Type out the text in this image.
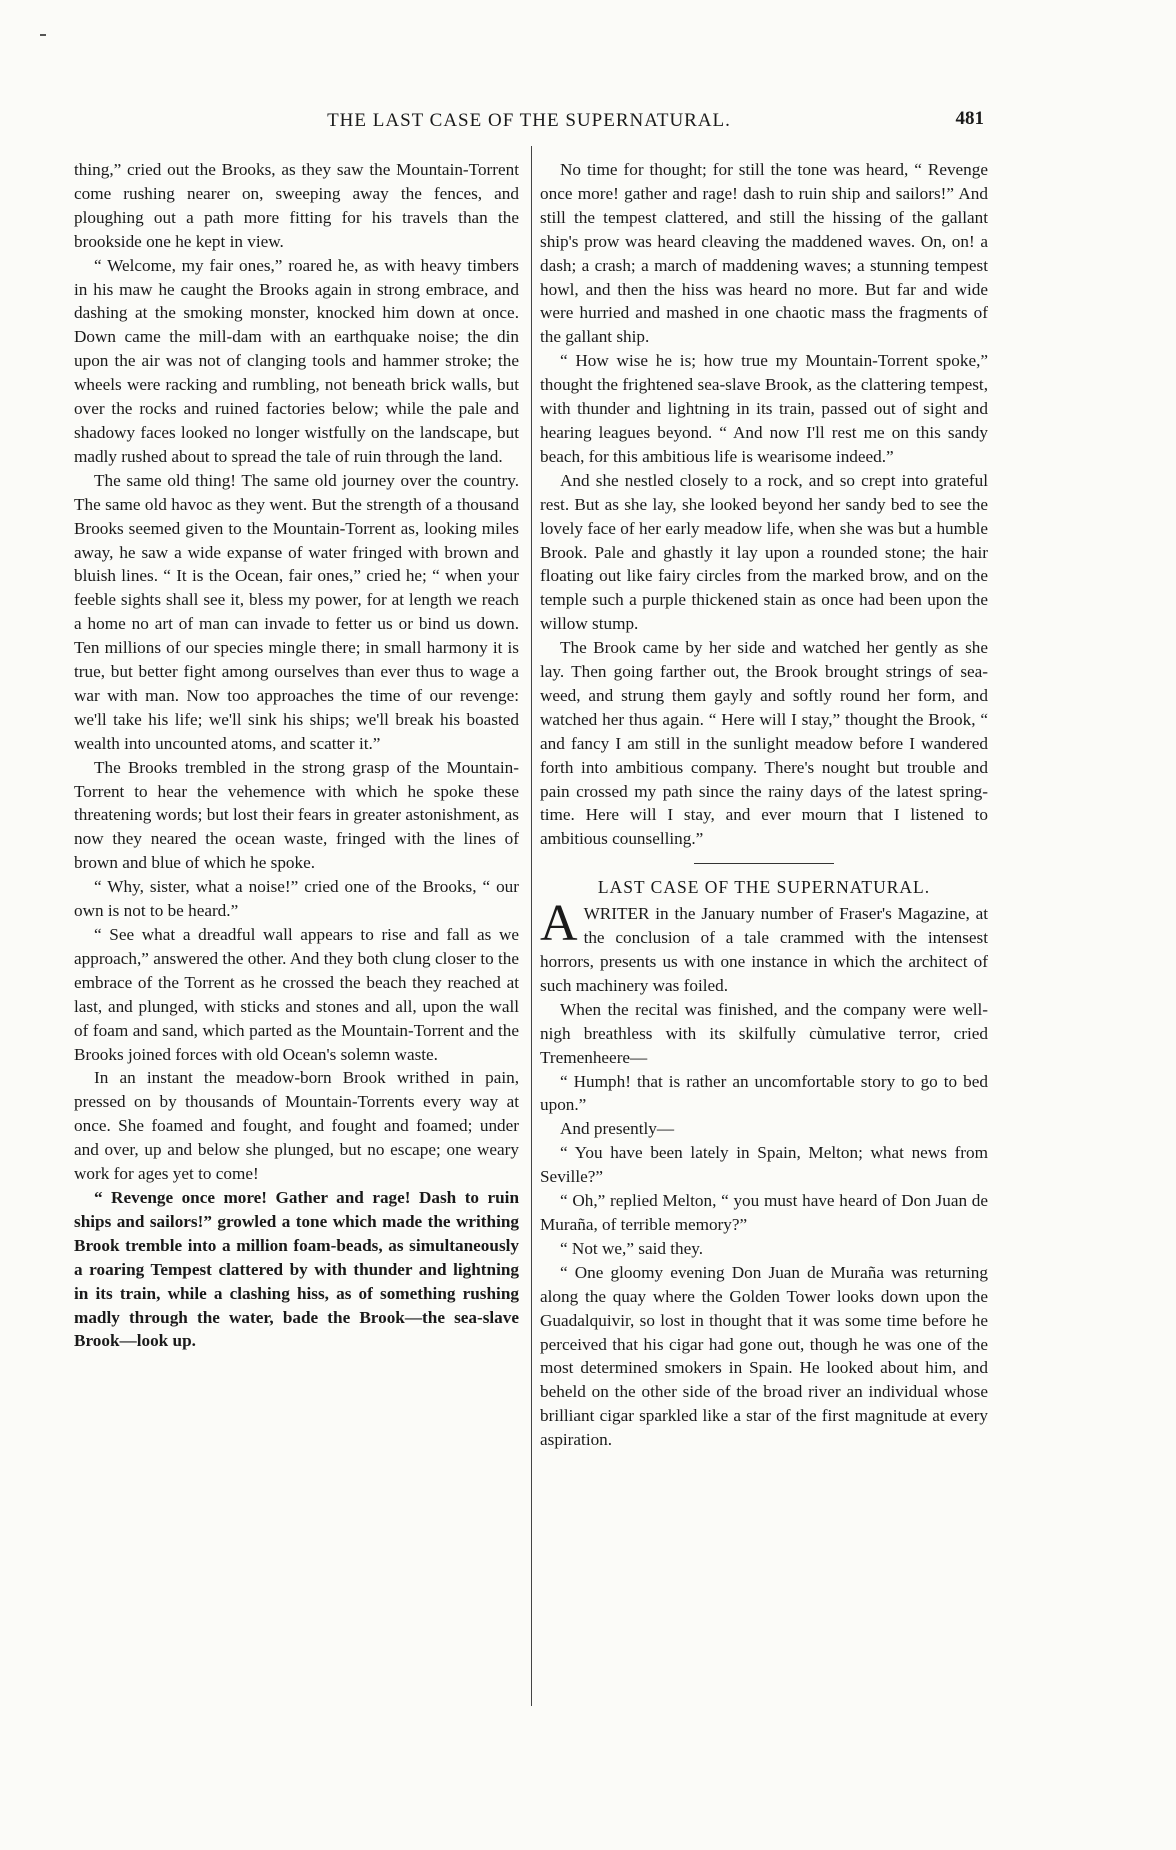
THE LAST CASE OF THE SUPERNATURAL.	481

thing,” cried out the Brooks, as they saw the Mountain-Torrent come rushing nearer on, sweeping away the fences, and ploughing out a path more fitting for his travels than the brookside one he kept in view.

“ Welcome, my fair ones,” roared he, as with heavy timbers in his maw he caught the Brooks again in strong embrace, and dashing at the smoking monster, knocked him down at once. Down came the mill-dam with an earthquake noise; the din upon the air was not of clanging tools and hammer stroke; the wheels were racking and rumbling, not beneath brick walls, but over the rocks and ruined factories below; while the pale and shadowy faces looked no longer wistfully on the landscape, but madly rushed about to spread the tale of ruin through the land.

The same old thing! The same old journey over the country. The same old havoc as they went. But the strength of a thousand Brooks seemed given to the Mountain-Torrent as, looking miles away, he saw a wide expanse of water fringed with brown and bluish lines. “ It is the Ocean, fair ones,” cried he; “ when your feeble sights shall see it, bless my power, for at length we reach a home no art of man can invade to fetter us or bind us down. Ten millions of our species mingle there; in small harmony it is true, but better fight among ourselves than ever thus to wage a war with man. Now too approaches the time of our revenge: we'll take his life; we'll sink his ships; we'll break his boasted wealth into uncounted atoms, and scatter it.”

The Brooks trembled in the strong grasp of the Mountain-Torrent to hear the vehemence with which he spoke these threatening words; but lost their fears in greater astonishment, as now they neared the ocean waste, fringed with the lines of brown and blue of which he spoke.

“ Why, sister, what a noise!” cried one of the Brooks, “ our own is not to be heard.”

“ See what a dreadful wall appears to rise and fall as we approach,” answered the other. And they both clung closer to the embrace of the Torrent as he crossed the beach they reached at last, and plunged, with sticks and stones and all, upon the wall of foam and sand, which parted as the Mountain-Torrent and the Brooks joined forces with old Ocean's solemn waste.

In an instant the meadow-born Brook writhed in pain, pressed on by thousands of Mountain-Torrents every way at once. She foamed and fought, and fought and foamed; under and over, up and below she plunged, but no escape; one weary work for ages yet to come!

“ Revenge once more! Gather and rage! Dash to ruin ships and sailors!” growled a tone which made the writhing Brook tremble into a million foam-beads, as simultaneously a roaring Tempest clattered by with thunder and lightning in its train, while a clashing hiss, as of something rushing madly through the water, bade the Brook—the sea-slave Brook—look up.

No time for thought; for still the tone was heard, “ Revenge once more! gather and rage! dash to ruin ship and sailors!” And still the tempest clattered, and still the hissing of the gallant ship's prow was heard cleaving the maddened waves. On, on! a dash; a crash; a march of maddening waves; a stunning tempest howl, and then the hiss was heard no more. But far and wide were hurried and mashed in one chaotic mass the fragments of the gallant ship.

“ How wise he is; how true my Mountain-Torrent spoke,” thought the frightened sea-slave Brook, as the clattering tempest, with thunder and lightning in its train, passed out of sight and hearing leagues beyond. “ And now I'll rest me on this sandy beach, for this ambitious life is wearisome indeed.”

And she nestled closely to a rock, and so crept into grateful rest. But as she lay, she looked beyond her sandy bed to see the lovely face of her early meadow life, when she was but a humble Brook. Pale and ghastly it lay upon a rounded stone; the hair floating out like fairy circles from the marked brow, and on the temple such a purple thickened stain as once had been upon the willow stump.

The Brook came by her side and watched her gently as she lay. Then going farther out, the Brook brought strings of sea-weed, and strung them gayly and softly round her form, and watched her thus again. “ Here will I stay,” thought the Brook, “ and fancy I am still in the sunlight meadow before I wandered forth into ambitious company. There's nought but trouble and pain crossed my path since the rainy days of the latest spring-time. Here will I stay, and ever mourn that I listened to ambitious counselling.”

LAST CASE OF THE SUPERNATURAL.

AWRITER in the January number of Fraser's Magazine, at the conclusion of a tale crammed with the intensest horrors, presents us with one instance in which the architect of such machinery was foiled.

When the recital was finished, and the company were well-nigh breathless with its skilfully cùmulative terror, cried Tremenheere—

“ Humph! that is rather an uncomfortable story to go to bed upon.”

And presently—

“ You have been lately in Spain, Melton; what news from Seville?”

“ Oh,” replied Melton, “ you must have heard of Don Juan de Muraña, of terrible memory?”

“ Not we,” said they.

“ One gloomy evening Don Juan de Muraña was returning along the quay where the Golden Tower looks down upon the Guadalquivir, so lost in thought that it was some time before he perceived that his cigar had gone out, though he was one of the most determined smokers in Spain. He looked about him, and beheld on the other side of the broad river an individual whose brilliant cigar sparkled like a star of the first magnitude at every aspiration.
